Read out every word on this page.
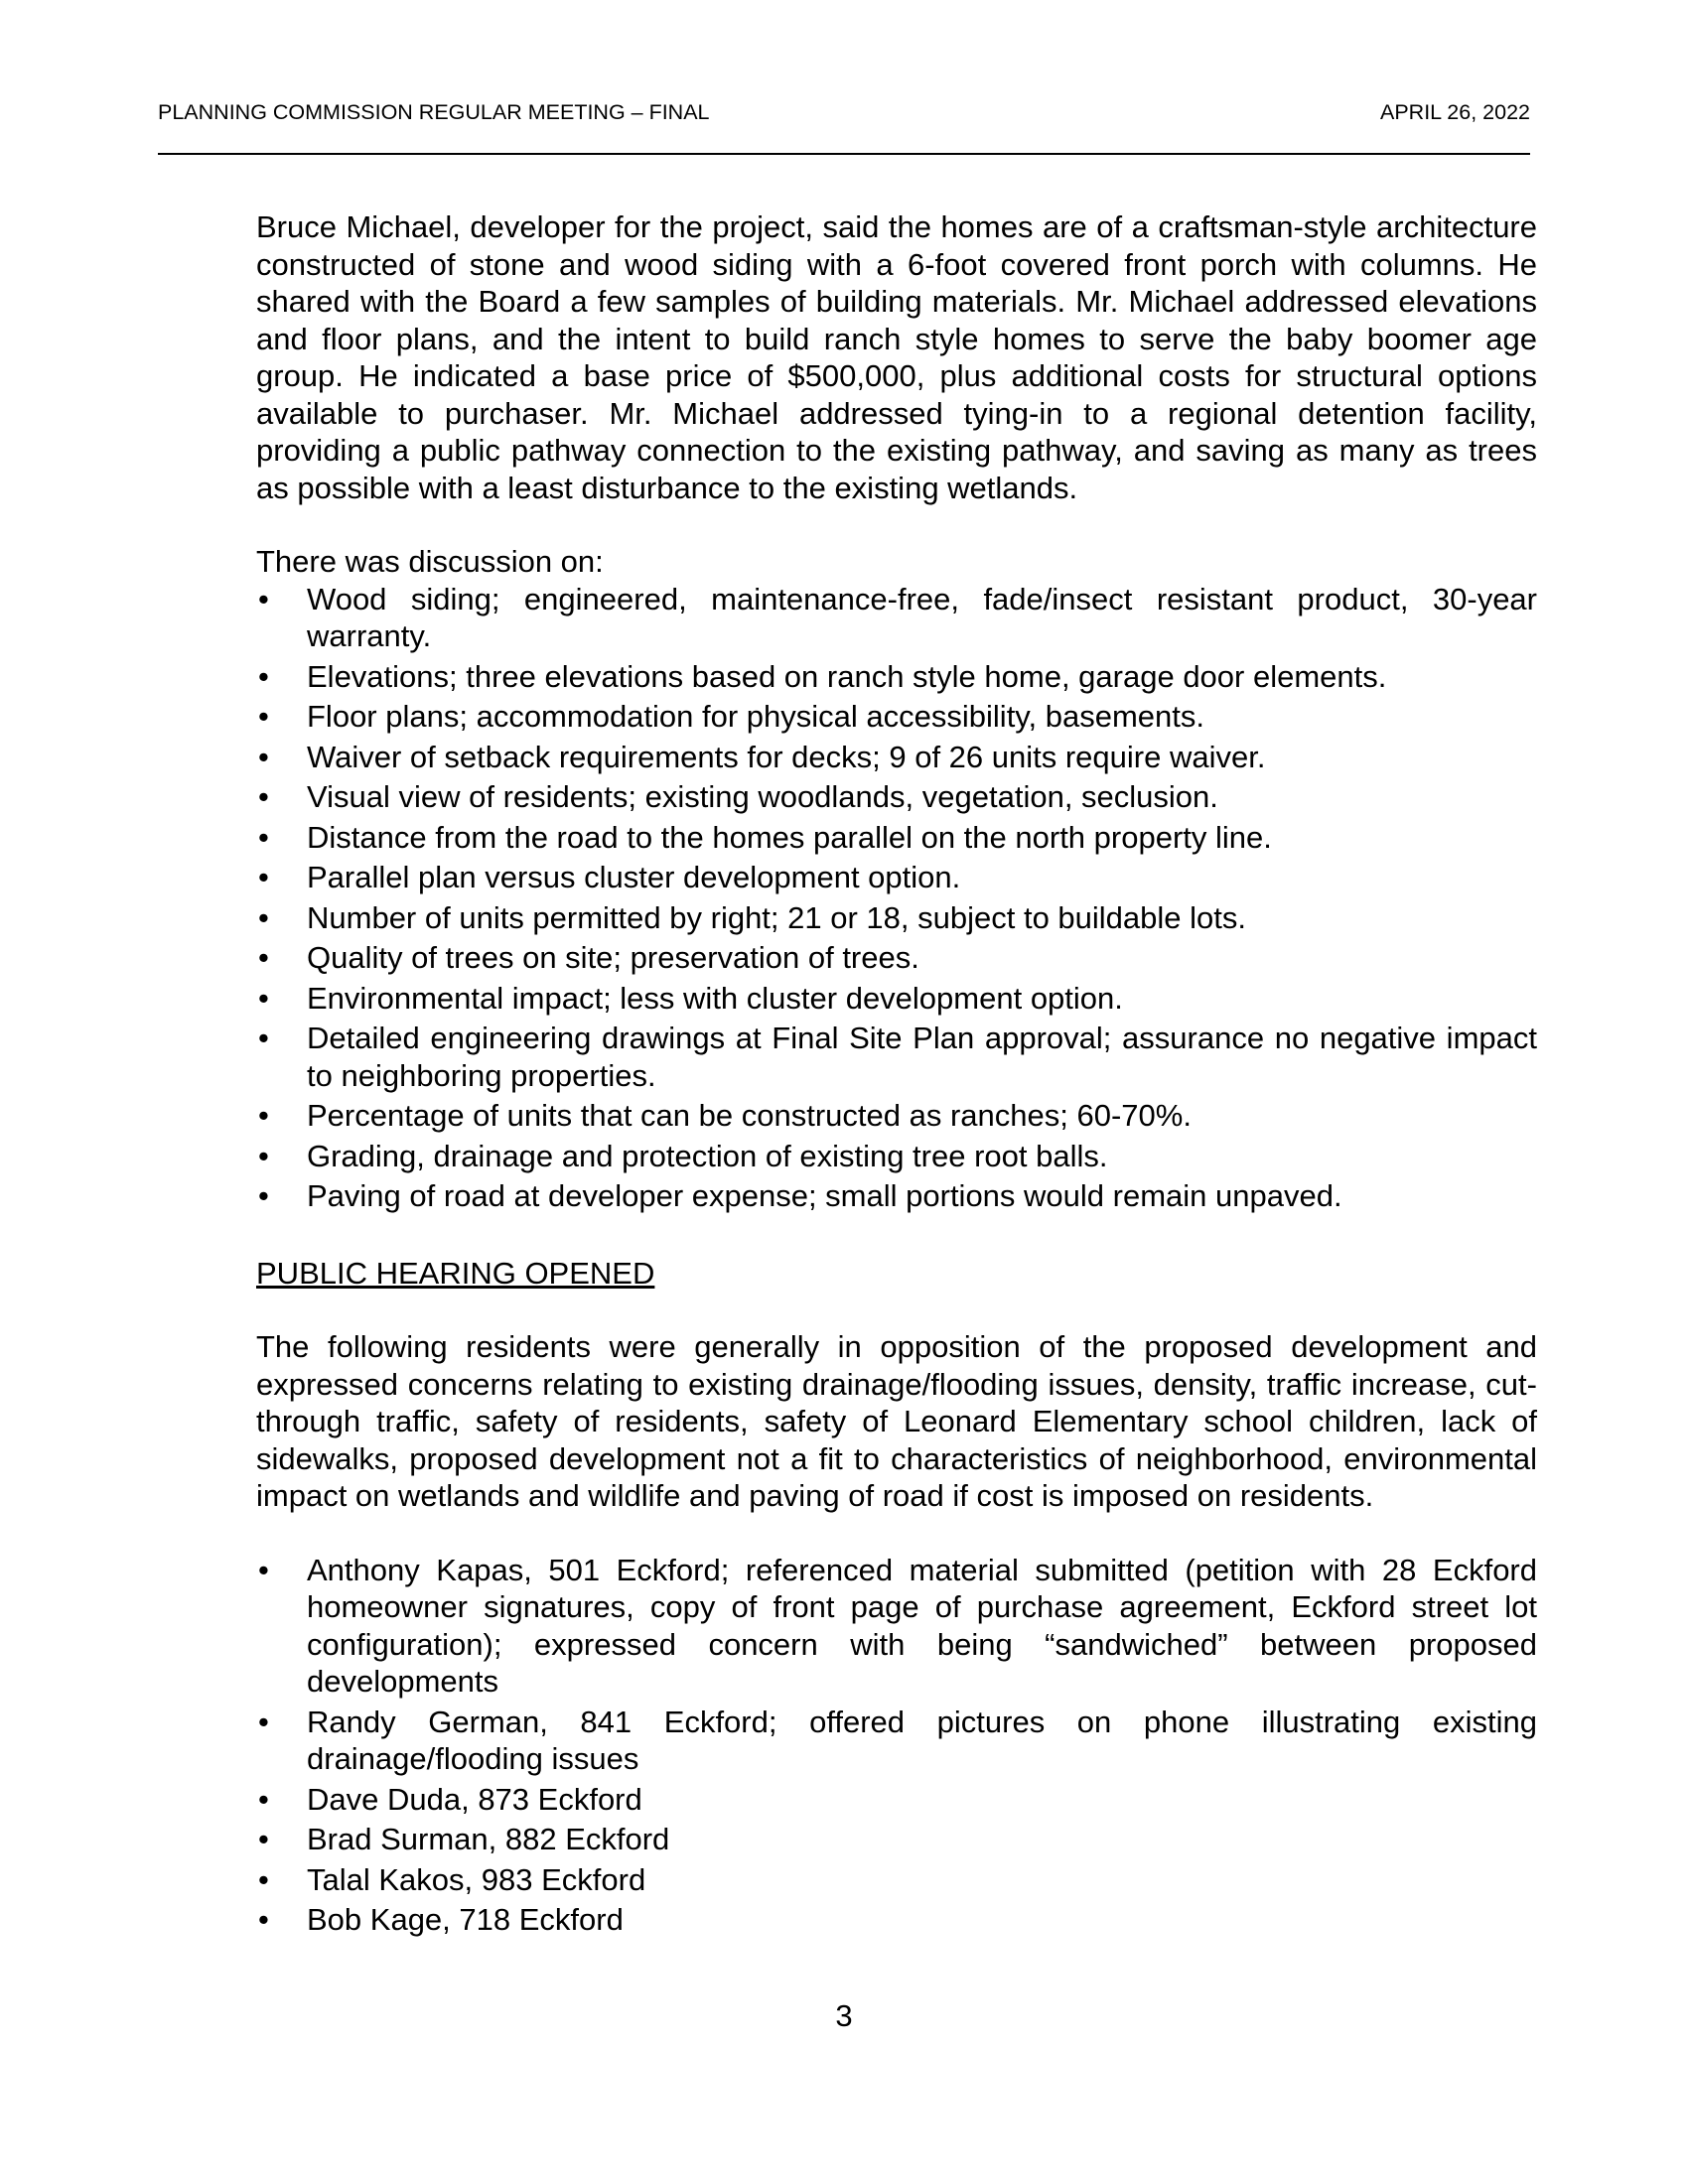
PLANNING COMMISSION REGULAR MEETING – FINAL	APRIL 26, 2022

Bruce Michael, developer for the project, said the homes are of a craftsman-style architecture constructed of stone and wood siding with a 6-foot covered front porch with columns. He shared with the Board a few samples of building materials. Mr. Michael addressed elevations and floor plans, and the intent to build ranch style homes to serve the baby boomer age group. He indicated a base price of $500,000, plus additional costs for structural options available to purchaser. Mr. Michael addressed tying-in to a regional detention facility, providing a public pathway connection to the existing pathway, and saving as many as trees as possible with a least disturbance to the existing wetlands.

There was discussion on:

• Wood siding; engineered, maintenance-free, fade/insect resistant product, 30-year warranty.
• Elevations; three elevations based on ranch style home, garage door elements.
• Floor plans; accommodation for physical accessibility, basements.
• Waiver of setback requirements for decks; 9 of 26 units require waiver.
• Visual view of residents; existing woodlands, vegetation, seclusion.
• Distance from the road to the homes parallel on the north property line.
• Parallel plan versus cluster development option.
• Number of units permitted by right; 21 or 18, subject to buildable lots.
• Quality of trees on site; preservation of trees.
• Environmental impact; less with cluster development option.
• Detailed engineering drawings at Final Site Plan approval; assurance no negative impact to neighboring properties.
• Percentage of units that can be constructed as ranches; 60-70%.
• Grading, drainage and protection of existing tree root balls.
• Paving of road at developer expense; small portions would remain unpaved.

PUBLIC HEARING OPENED

The following residents were generally in opposition of the proposed development and expressed concerns relating to existing drainage/flooding issues, density, traffic increase, cut-through traffic, safety of residents, safety of Leonard Elementary school children, lack of sidewalks, proposed development not a fit to characteristics of neighborhood, environmental impact on wetlands and wildlife and paving of road if cost is imposed on residents.

• Anthony Kapas, 501 Eckford; referenced material submitted (petition with 28 Eckford homeowner signatures, copy of front page of purchase agreement, Eckford street lot configuration); expressed concern with being “sandwiched” between proposed developments
• Randy German, 841 Eckford; offered pictures on phone illustrating existing drainage/flooding issues
• Dave Duda, 873 Eckford
• Brad Surman, 882 Eckford
• Talal Kakos, 983 Eckford
• Bob Kage, 718 Eckford
3
